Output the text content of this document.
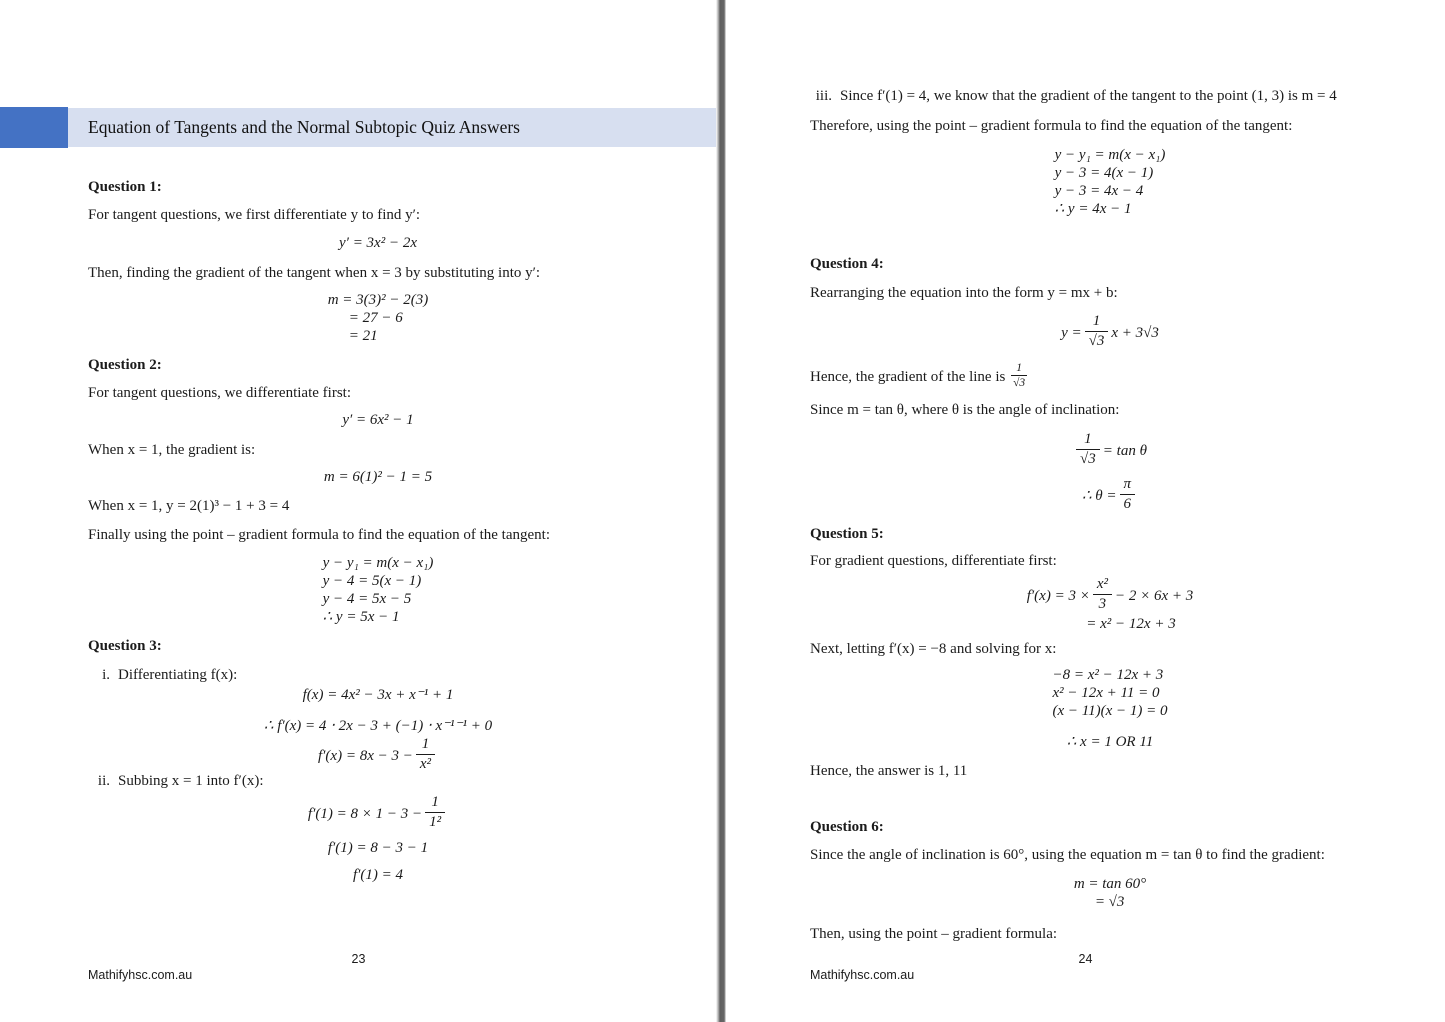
Equation of Tangents and the Normal Subtopic Quiz Answers
Question 1:
For tangent questions, we first differentiate y to find y′:
y′ = 3x² − 2x
Then, finding the gradient of the tangent when x = 3 by substituting into y′:
m = 3(3)² − 2(3)
= 27 − 6
= 21
Question 2:
For tangent questions, we differentiate first:
y′ = 6x² − 1
When x = 1, the gradient is:
m = 6(1)² − 1 = 5
When x = 1, y = 2(1)³ − 1 + 3 = 4
Finally using the point – gradient formula to find the equation of the tangent:
y − y₁ = m(x − x₁)
y − 4 = 5(x − 1)
y − 4 = 5x − 5
∴ y = 5x − 1
Question 3:
i. Differentiating f(x):
f(x) = 4x² − 3x + x⁻¹ + 1
∴ f′(x) = 4 ⋅ 2x − 3 + (−1) ⋅ x⁻¹⁻¹ + 0
$f'(x) = 8x - 3 - \frac{1}{\text{x²}}$
ii. Subbing x = 1 into f′(x):
$f'(1) = 8 \times 1 - 3 - \frac{1}{\text{1²}}$
f′(1) = 8 − 3 − 1
f′(1) = 4
23
Mathifyhsc.com.au
iii. Since f′(1) = 4, we know that the gradient of the tangent to the point (1, 3) is m = 4
Therefore, using the point – gradient formula to find the equation of the tangent:
y − y₁ = m(x − x₁)
y − 3 = 4(x − 1)
y − 3 = 4x − 4
∴ y = 4x − 1
Question 4:
Rearranging the equation into the form y = mx + b:
$y = \frac{1}{√3}$ x + 3√3
Hence, the gradient of the line is $\frac{1}{√3}$
Since m = tan θ, where θ is the angle of inclination:
$\frac{1}{√3} = \tan \theta$
∴ $\theta = \frac{\pi}{6}$
Question 5:
For gradient questions, differentiate first:
$f'(x) = 3 \times \frac{\text{x²}}{3} - 2 \times 6x + 3$
= x² − 12x + 3
Next, letting f′(x) = −8 and solving for x:
−8 = x² − 12x + 3
x² − 12x + 11 = 0
(x − 11)(x − 1) = 0
∴ x = 1 OR 11
Hence, the answer is 1, 11
Question 6:
Since the angle of inclination is 60°, using the equation m = tan θ to find the gradient:
m = tan 60°
= √3
Then, using the point – gradient formula:
24
Mathifyhsc.com.au
